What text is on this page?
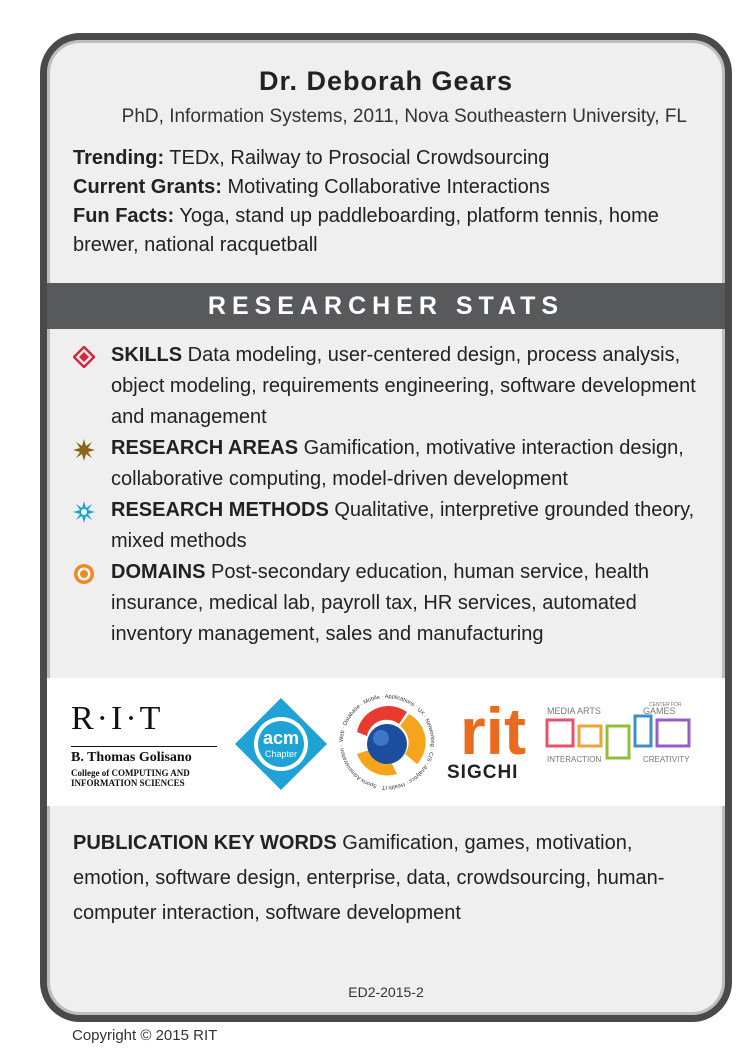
Dr. Deborah Gears
PhD, Information Systems, 2011, Nova Southeastern University, FL
Trending: TEDx, Railway to Prosocial Crowdsourcing
Current Grants: Motivating Collaborative Interactions
Fun Facts: Yoga, stand up paddleboarding, platform tennis, home brewer, national racquetball
RESEARCHER STATS
SKILLS Data modeling, user-centered design, process analysis, object modeling, requirements engineering, software development and management
RESEARCH AREAS Gamification, motivative interaction design, collaborative computing, model-driven development
RESEARCH METHODS Qualitative, interpretive grounded theory, mixed methods
DOMAINS Post-secondary education, human service, health insurance, medical lab, payroll tax, HR services, automated inventory management, sales and manufacturing
R·I·T
B. Thomas Golisano
College of COMPUTING AND INFORMATION SCIENCES
acm
Chapter
Web · Database · Mobile · Applications · UX · Networking · CIS · Analytics · Health IT · Sports Administration ·	rit
SIGCHI
MEDIA ARTS
CENTER FOR
GAMES
INTERACTION	CREATIVITY
PUBLICATION KEY WORDS Gamification, games, motivation, emotion, software design, enterprise, data, crowdsourcing, human-computer interaction, software development
ED2-2015-2
Copyright © 2015 RIT
